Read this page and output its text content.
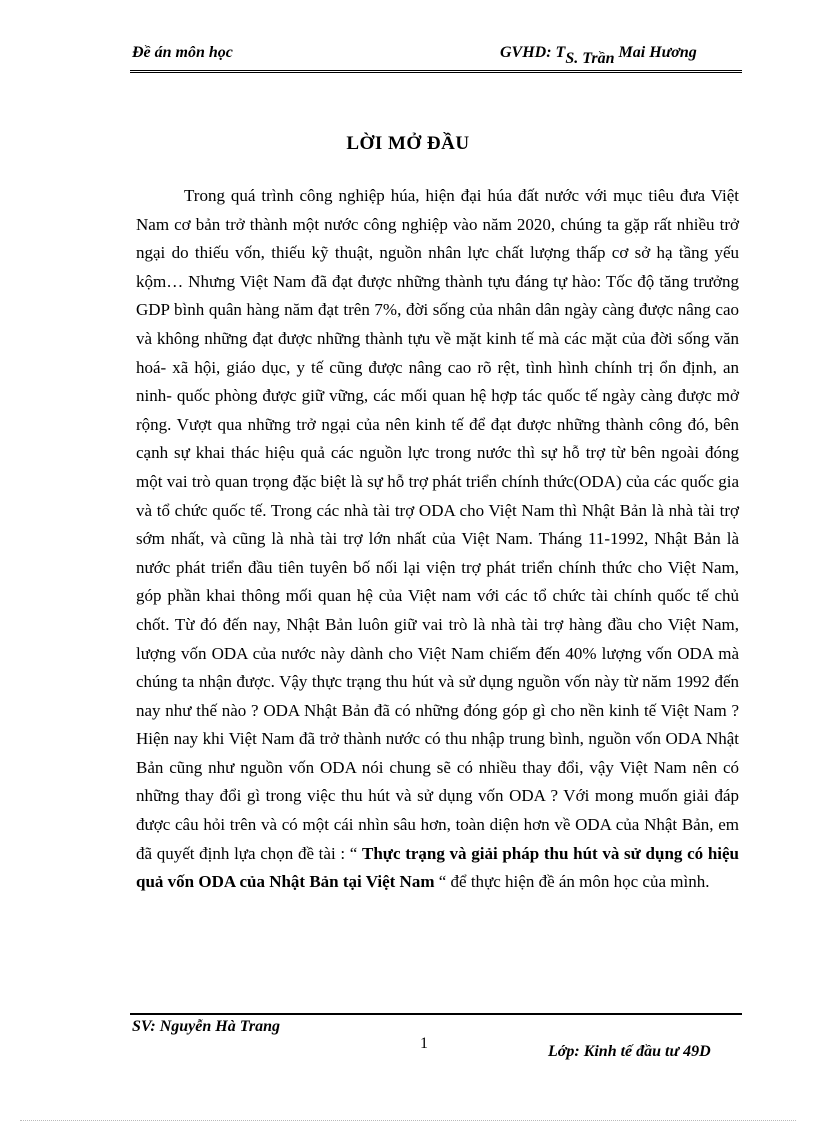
Đề án môn học	GVHD: TS. Trần Mai Hương
LỜI MỞ ĐẦU

Trong quá trình công nghiệp húa, hiện đại húa đất nước với mục tiêu đưa Việt Nam cơ bản trở thành một nước công nghiệp vào năm 2020, chúng ta gặp rất nhiều trở ngại do thiếu vốn, thiếu kỹ thuật, nguồn nhân lực chất lượng thấp cơ sở hạ tầng yếu kộm… Nhưng Việt Nam đã đạt được những thành tựu đáng tự hào: Tốc độ tăng trưởng GDP bình quân hàng năm đạt trên 7%, đời sống của nhân dân ngày càng được nâng cao và không những đạt được những thành tựu về mặt kinh tế mà các mặt của đời sống văn hoá- xã hội, giáo dục, y tế cũng được nâng cao rõ rệt, tình hình chính trị ổn định, an ninh- quốc phòng được giữ vững, các mối quan hệ hợp tác quốc tế ngày càng được mở rộng. Vượt qua những trở ngại của nên kinh tế để đạt được những thành công đó, bên cạnh sự khai thác hiệu quả các nguồn lực trong nước thì sự hỗ trợ từ bên ngoài đóng một vai trò quan trọng đặc biệt là sự hỗ trợ phát triển chính thức(ODA) của các quốc gia và tổ chức quốc tế. Trong các nhà tài trợ ODA cho Việt Nam thì Nhật Bản là nhà tài trợ sớm nhất, và cũng là nhà tài trợ lớn nhất của Việt Nam. Tháng 11-1992, Nhật Bản là nước phát triển đầu tiên tuyên bố nối lại viện trợ phát triển chính thức cho Việt Nam, góp phần khai thông mối quan hệ của Việt nam với các tổ chức tài chính quốc tế chủ chốt. Từ đó đến nay, Nhật Bản luôn giữ vai trò là nhà tài trợ hàng đầu cho Việt Nam, lượng vốn ODA của nước này dành cho Việt Nam chiếm đến 40% lượng vốn ODA mà chúng ta nhận được. Vậy thực trạng thu hút và sử dụng nguồn vốn này từ năm 1992 đến nay như thế nào ? ODA Nhật Bản đã có những đóng góp gì cho nền kinh tế Việt Nam ? Hiện nay khi Việt Nam đã trở thành nước có thu nhập trung bình, nguồn vốn ODA Nhật Bản cũng như nguồn vốn ODA nói chung sẽ có nhiều thay đổi, vậy Việt Nam nên có những thay đổi gì trong việc thu hút và sử dụng vốn ODA ? Với mong muốn giải đáp được câu hỏi trên và có một cái nhìn sâu hơn, toàn diện hơn về ODA của Nhật Bản, em đã quyết định lựa chọn đề tài : “ Thực trạng và giải pháp thu hút và sử dụng có hiệu quả vốn ODA của Nhật Bản tại Việt Nam “ để thực hiện đề án môn học của mình.

SV: Nguyễn Hà Trang
1	Lớp: Kinh tế đầu tư 49D
